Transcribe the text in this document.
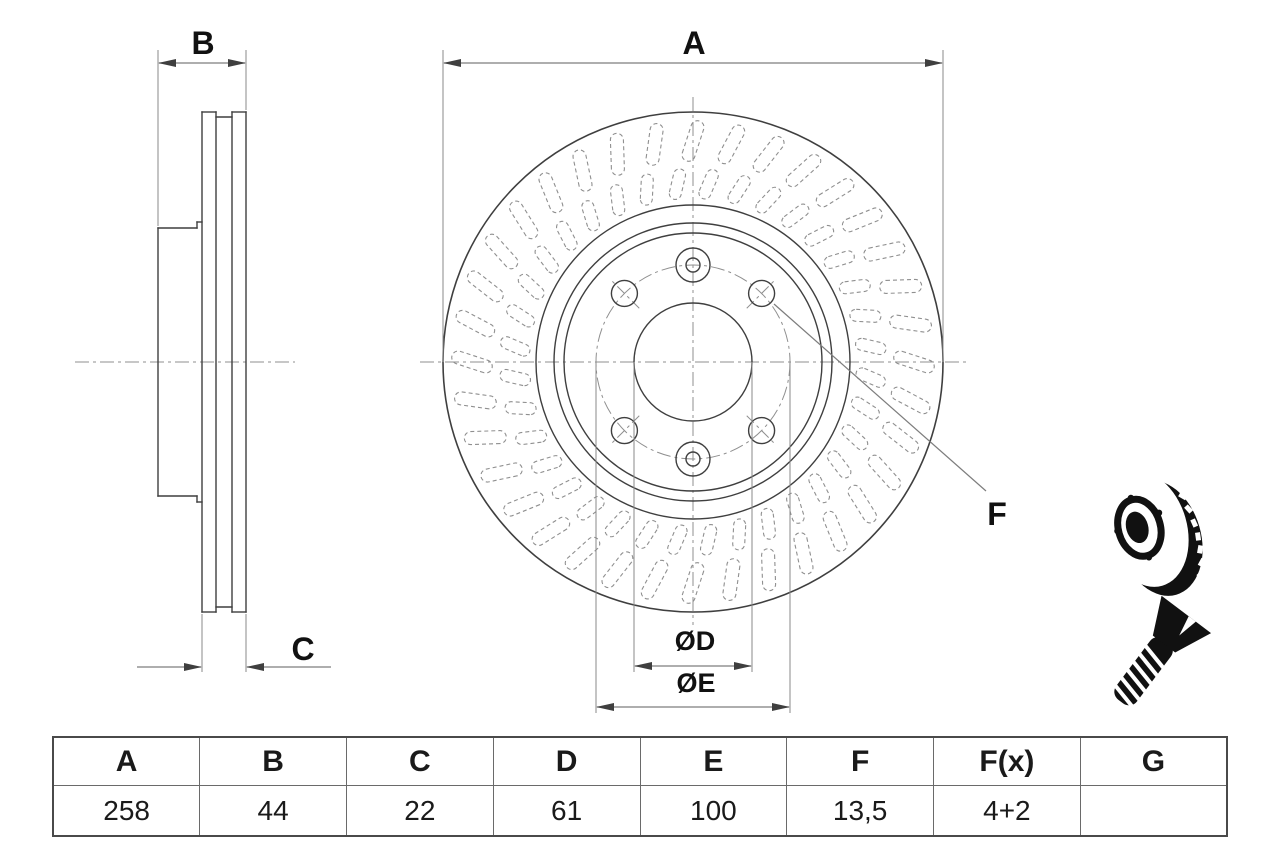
B	A
C	ØD
ØE
F
A	B	C	D	E	F	F(x)	G
258	44	22	61	100	13,5	4+2	
